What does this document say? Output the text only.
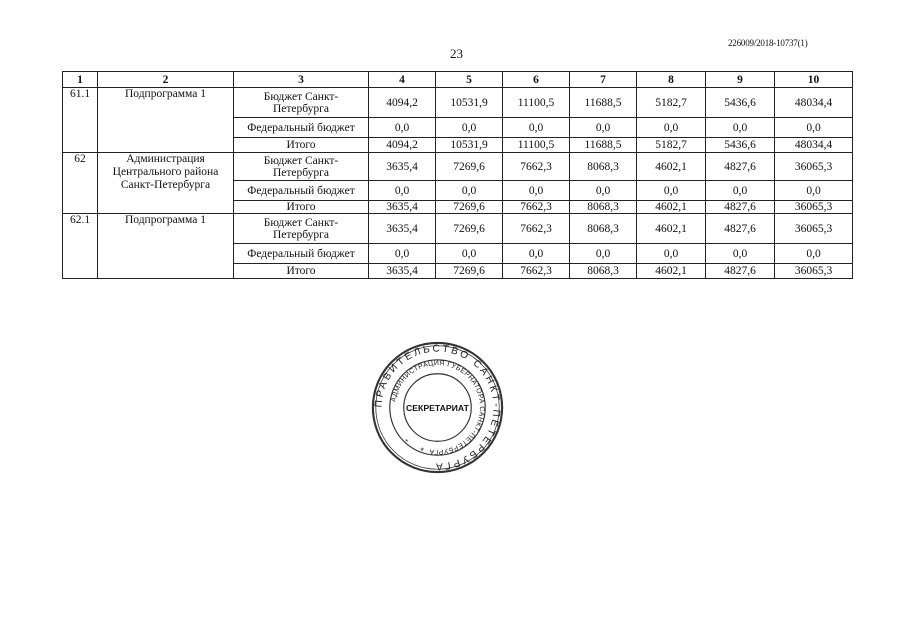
226009/2018-10737(1)
23
1	2	3	4	5	6	7	8	9	10
61.1	Подпрограмма 1	Бюджет Санкт-Петербурга	4094,2	10531,9	11100,5	11688,5	5182,7	5436,6	48034,4
		Федеральный бюджет	0,0	0,0	0,0	0,0	0,0	0,0	0,0
		Итого	4094,2	10531,9	11100,5	11688,5	5182,7	5436,6	48034,4
62	Администрация Центрального района Санкт-Петербурга	Бюджет Санкт-Петербурга	3635,4	7269,6	7662,3	8068,3	4602,1	4827,6	36065,3
		Федеральный бюджет	0,0	0,0	0,0	0,0	0,0	0,0	0,0
		Итого	3635,4	7269,6	7662,3	8068,3	4602,1	4827,6	36065,3
62.1	Подпрограмма 1	Бюджет Санкт-Петербурга	3635,4	7269,6	7662,3	8068,3	4602,1	4827,6	36065,3
		Федеральный бюджет	0,0	0,0	0,0	0,0	0,0	0,0	0,0
		Итого	3635,4	7269,6	7662,3	8068,3	4602,1	4827,6	36065,3
ПРАВИТЕЛЬСТВО САНКТ-ПЕТЕРБУРГА
АДМИНИСТРАЦИЯ ГУБЕРНАТОРА САНКТ-ПЕТЕРБУРГА
СЕКРЕТАРИАТ
*
*
